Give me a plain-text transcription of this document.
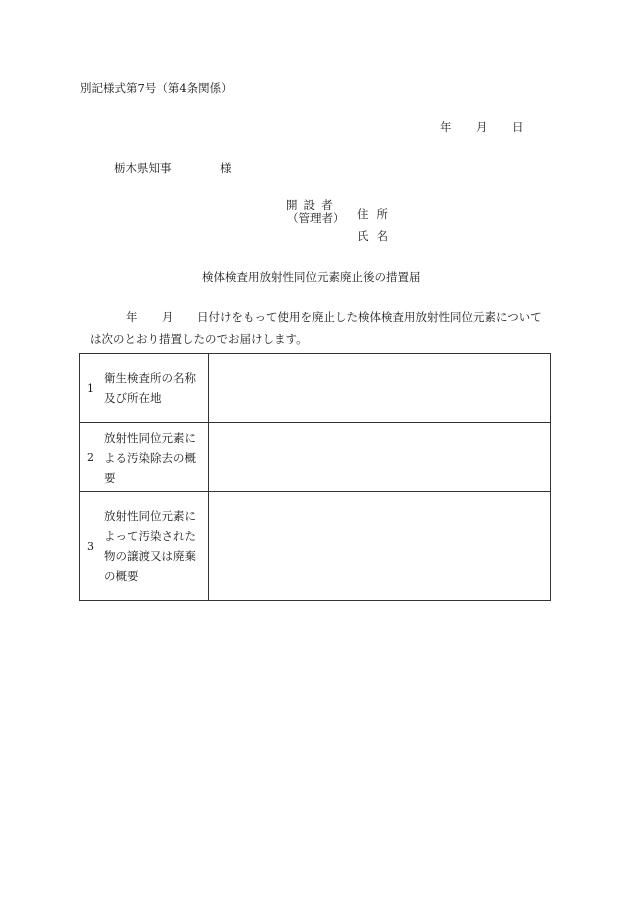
別記様式第7号（第4条関係）
年 月 日
栃木県知事	様
開設者
（管理者） 住所
氏名
検体検査用放射性同位元素廃止後の措置届
年 月 日付けをもって使用を廃止した検体検査用放射性同位元素について
は次のとおり措置したのでお届けします。
1
衛生検査所の名称
及び所在地	

2
放射性同位元素に
よる汚染除去の概
要	

3
放射性同位元素に
よって汚染された
物の譲渡又は廃棄
の概要	
